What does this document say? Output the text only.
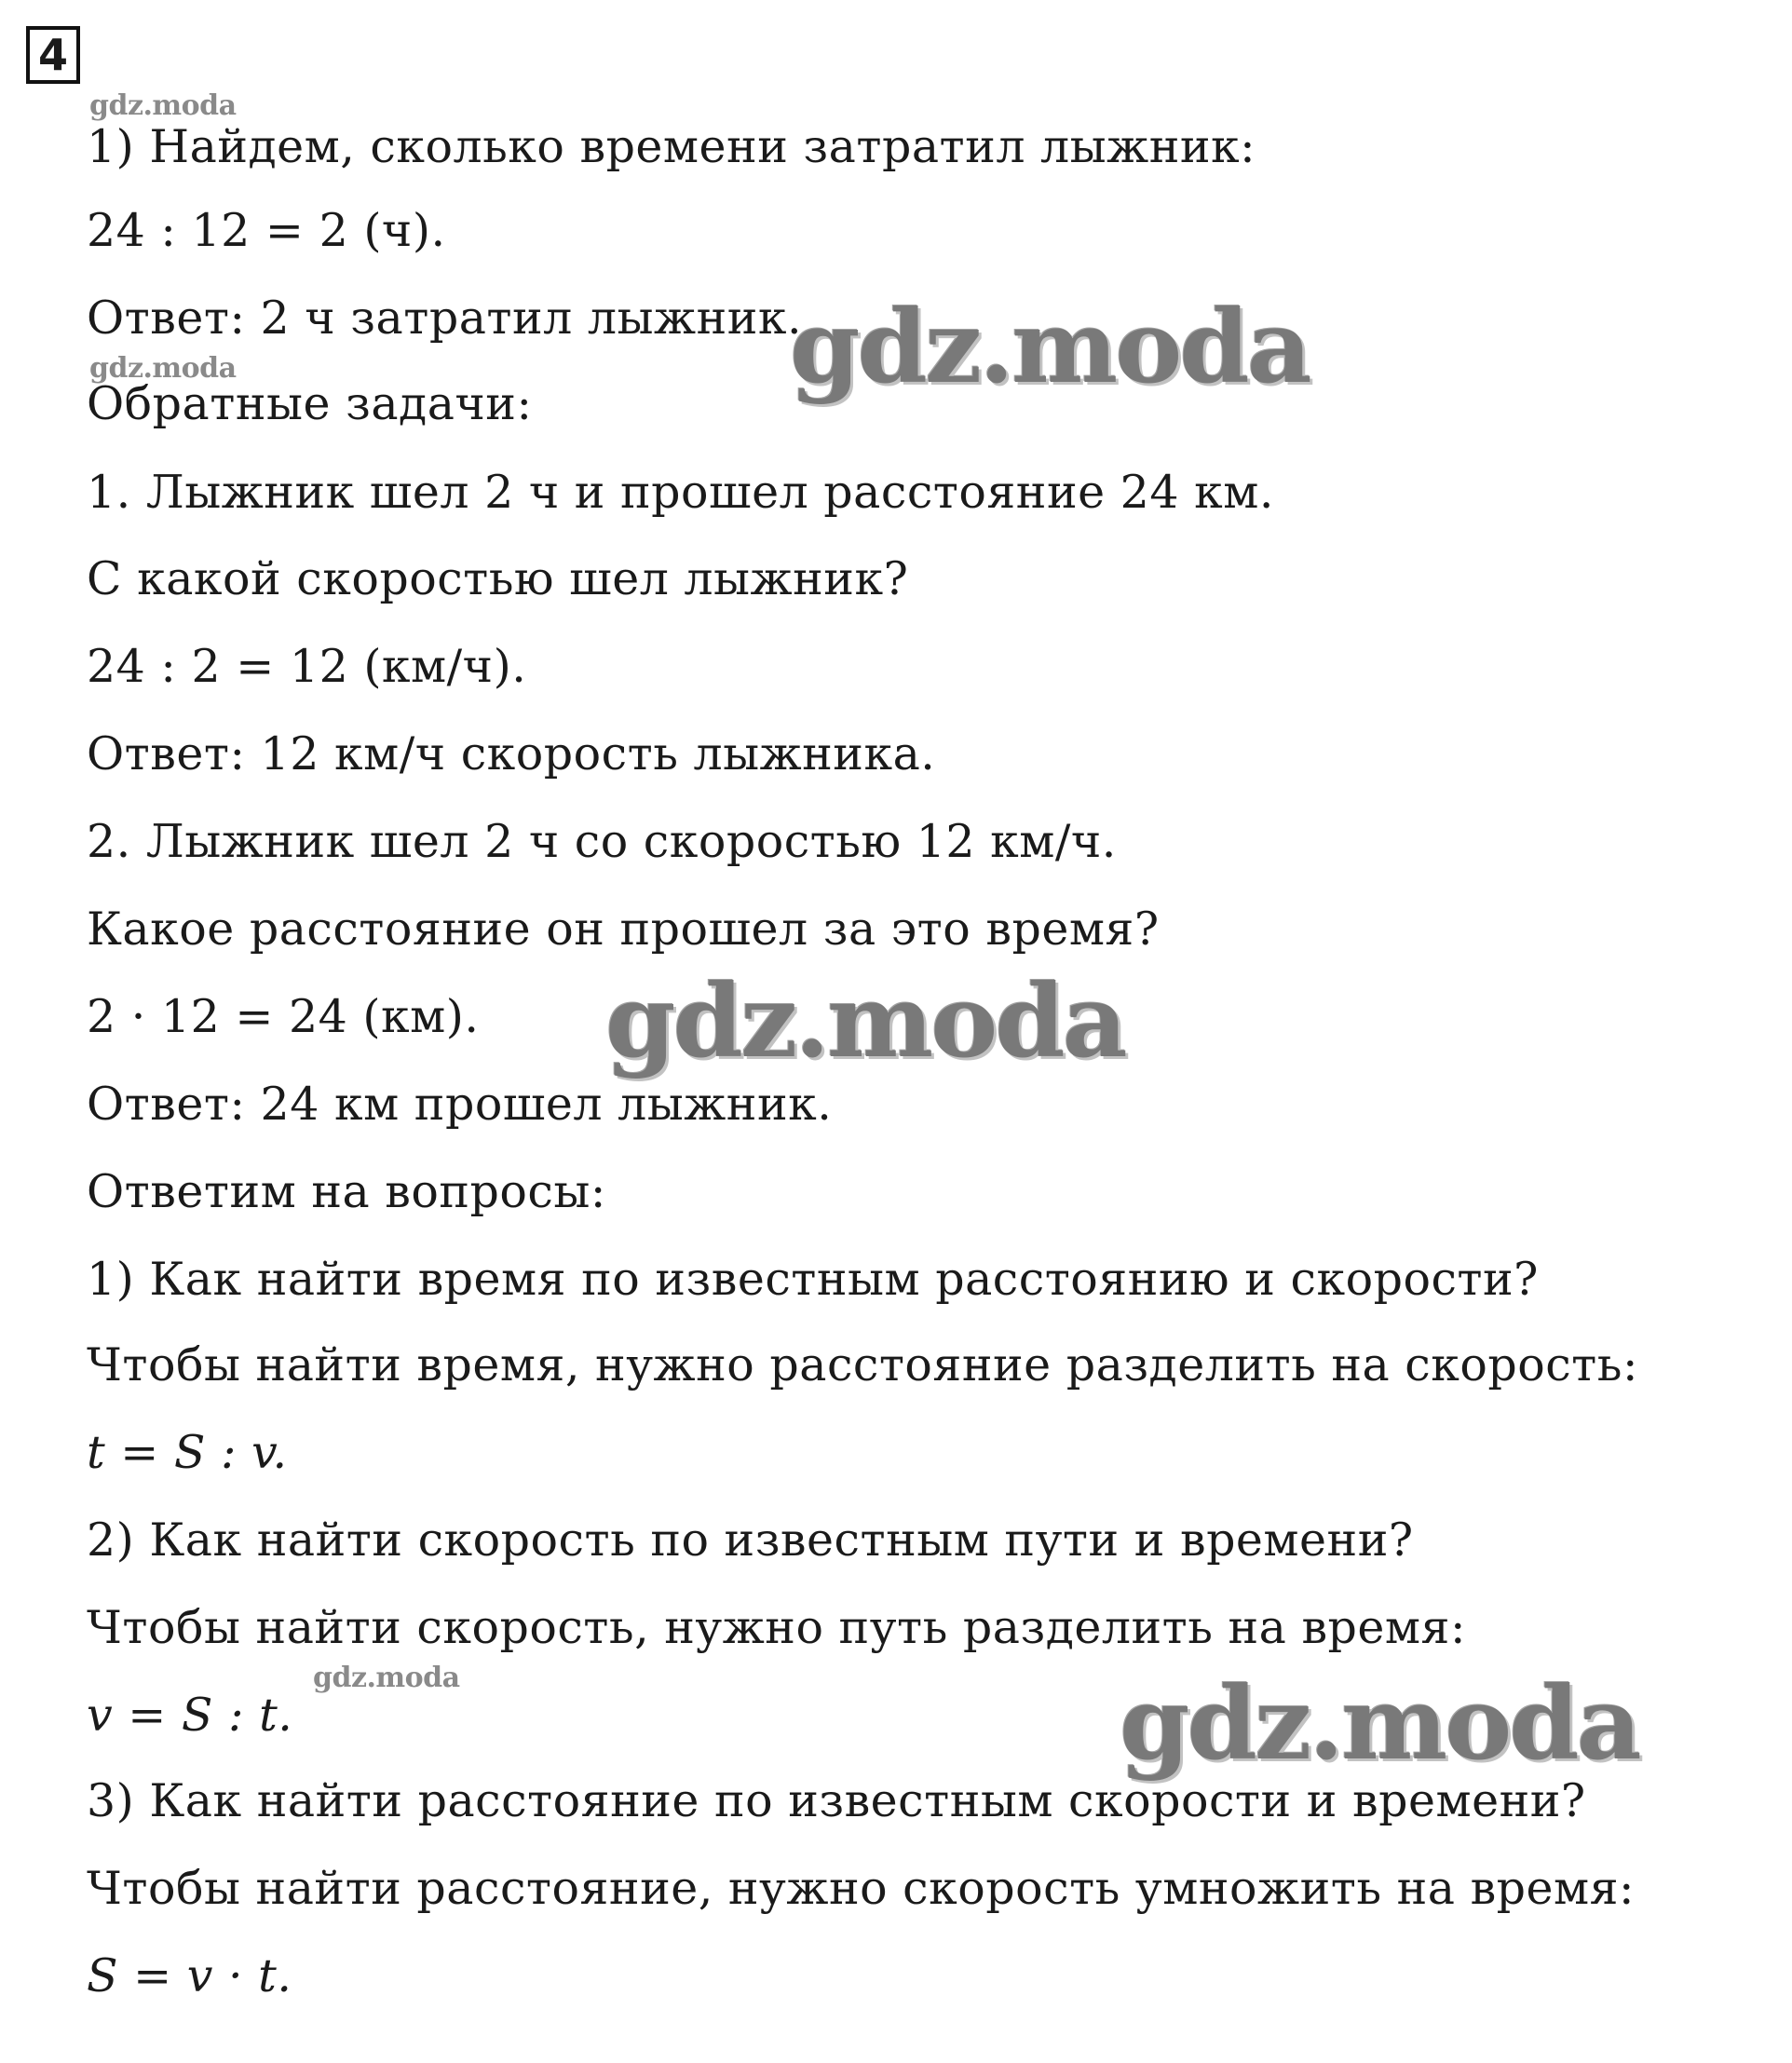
4
1) Найдем, сколько времени затратил лыжник:
24 : 12 = 2 (ч).
Ответ: 2 ч затратил лыжник.
Обратные задачи:
1. Лыжник шел 2 ч и прошел расстояние 24 км.
С какой скоростью шел лыжник?
24 : 2 = 12 (км/ч).
Ответ: 12 км/ч скорость лыжника.
2. Лыжник шел 2 ч со скоростью 12 км/ч.
Какое расстояние он прошел за это время?
2 · 12 = 24 (км).
Ответ: 24 км прошел лыжник.
Ответим на вопросы:
1) Как найти время по известным расстоянию и скорости?
Чтобы найти время, нужно расстояние разделить на скорость:
t = S : v.
2) Как найти скорость по известным пути и времени?
Чтобы найти скорость, нужно путь разделить на время:
v = S : t.
3) Как найти расстояние по известным скорости и времени?
Чтобы найти расстояние, нужно скорость умножить на время:
S = v · t.
gdz.moda
gdz.moda
gdz.moda
gdz.moda
gdz.moda
gdz.moda
